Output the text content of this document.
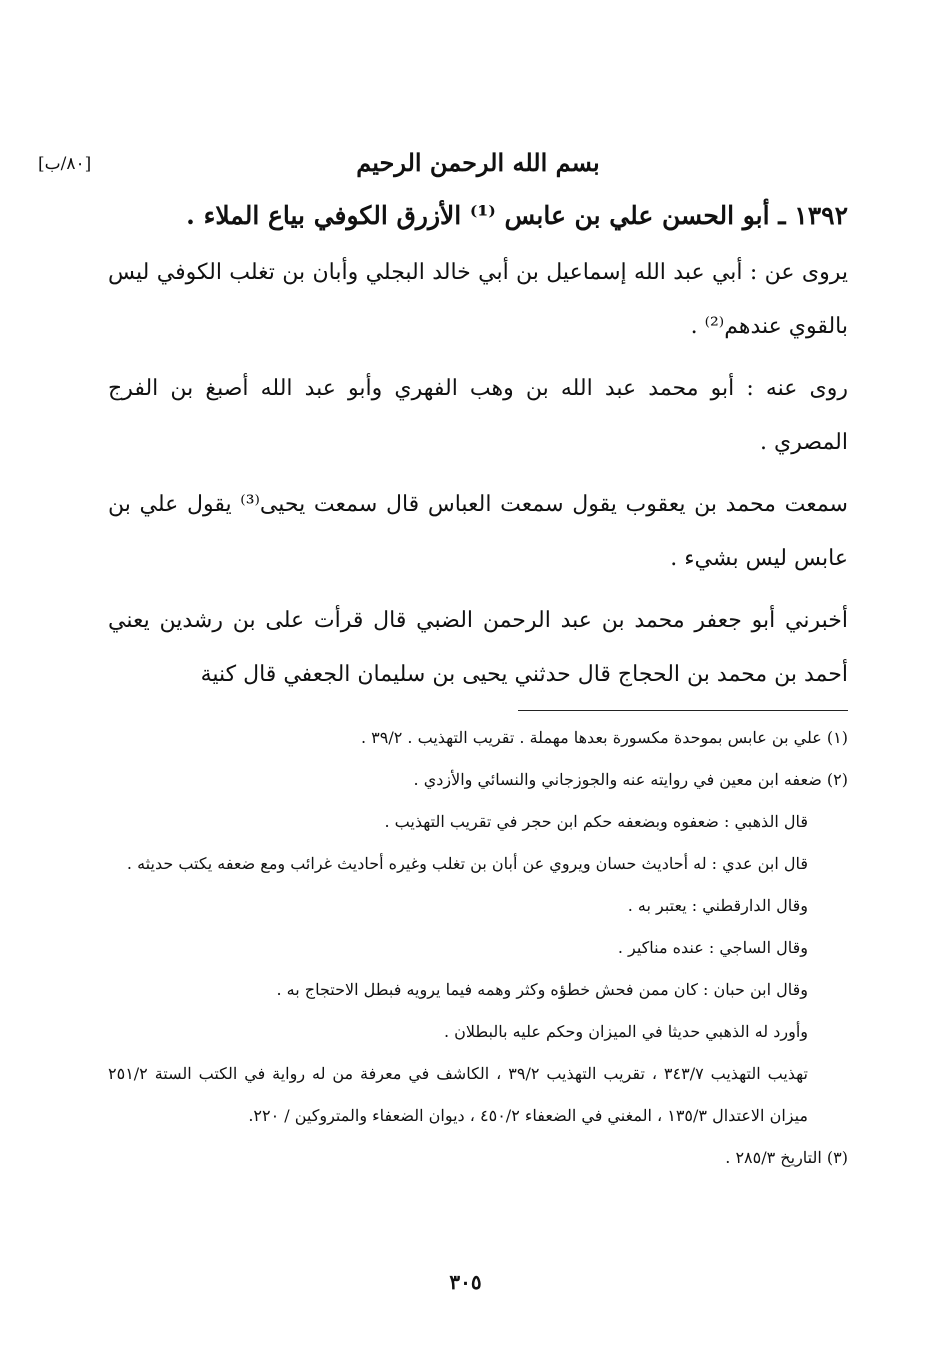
بسم الله الرحمن الرحيم
[٨٠/ب]
١٣٩٢ ـ أبو الحسن علي بن عابس ⁽¹⁾ الأزرق الكوفي بياع الملاء .

يروى عن : أبي عبد الله إسماعيل بن أبي خالد البجلي وأبان بن تغلب الكوفي ليس بالقوي عندهم⁽²⁾ .

روى عنه : أبو محمد عبد الله بن وهب الفهري وأبو عبد الله أصبغ بن الفرج المصري .

سمعت محمد بن يعقوب يقول سمعت العباس قال سمعت يحيى⁽³⁾ يقول علي بن عابس ليس بشيء .

أخبرني أبو جعفر محمد بن عبد الرحمن الضبي قال قرأت على بن رشدين يعني أحمد بن محمد بن الحجاج قال حدثني يحيى بن سليمان الجعفي قال كنية

(١) علي بن عابس بموحدة مكسورة بعدها مهملة . تقريب التهذيب . ٣٩/٢ .

(٢) ضعفه ابن معين في روايته عنه والجوزجاني والنسائي والأزدي .

قال الذهبي : ضعفوه وبضعفه حكم ابن حجر في تقريب التهذيب .

قال ابن عدي : له أحاديث حسان ويروي عن أبان بن تغلب وغيره أحاديث غرائب ومع ضعفه يكتب حديثه .

وقال الدارقطني : يعتبر به .

وقال الساجي : عنده مناكير .

وقال ابن حبان : كان ممن فحش خطؤه وكثر وهمه فيما يرويه فبطل الاحتجاج به .

وأورد له الذهبي حديثا في الميزان وحكم عليه بالبطلان .

تهذيب التهذيب ٣٤٣/٧ ، تقريب التهذيب ٣٩/٢ ، الكاشف في معرفة من له رواية في الكتب الستة ٢٥١/٢ ميزان الاعتدال ١٣٥/٣ ، المغني في الضعفاء ٤٥٠/٢ ، ديوان الضعفاء والمتروكين / ٢٢٠.

(٣) التاريخ ٢٨٥/٣ .

٣٠٥
